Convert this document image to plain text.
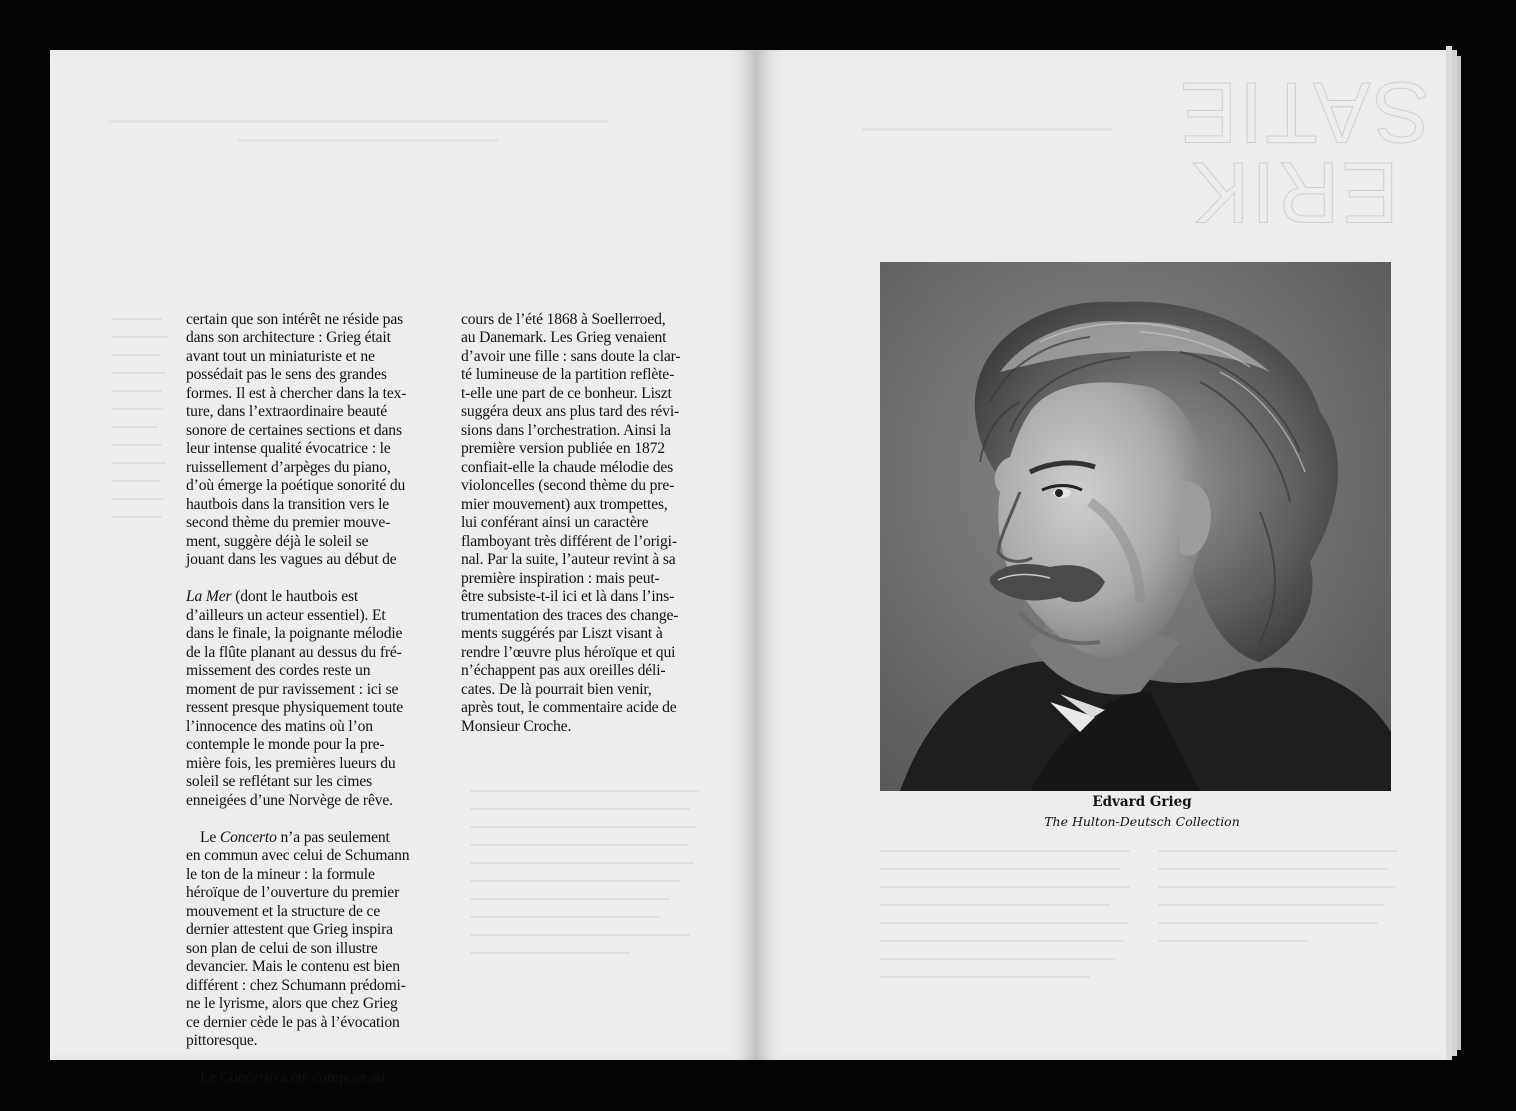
ERIK
SATIE

certain que son intérêt ne réside pas
dans son architecture : Grieg était
avant tout un miniaturiste et ne
possédait pas le sens des grandes
formes. Il est à chercher dans la tex-
ture, dans l’extraordinaire beauté
sonore de certaines sections et dans
leur intense qualité évocatrice : le
ruissellement d’arpèges du piano,
d’où émerge la poétique sonorité du
hautbois dans la transition vers le
second thème du premier mouve-
ment, suggère déjà le soleil se
jouant dans les vagues au début de

La Mer (dont le hautbois est
d’ailleurs un acteur essentiel). Et
dans le finale, la poignante mélodie
de la flûte planant au dessus du fré-
missement des cordes reste un
moment de pur ravissement : ici se
ressent presque physiquement toute
l’innocence des matins où l’on
contemple le monde pour la pre-
mière fois, les premières lueurs du
soleil se reflétant sur les cimes
enneigées d’une Norvège de rêve.

Le Concerto n’a pas seulement
en commun avec celui de Schumann
le ton de la mineur : la formule
héroïque de l’ouverture du premier
mouvement et la structure de ce
dernier attestent que Grieg inspira
son plan de celui de son illustre
devancier. Mais le contenu est bien
différent : chez Schumann prédomi-
ne le lyrisme, alors que chez Grieg
ce dernier cède le pas à l’évocation
pittoresque.

Le Concerto a été composé au

cours de l’été 1868 à Soellerroed,
au Danemark. Les Grieg venaient
d’avoir une fille : sans doute la clar-
té lumineuse de la partition reflète-
t-elle une part de ce bonheur. Liszt
suggéra deux ans plus tard des révi-
sions dans l’orchestration. Ainsi la
première version publiée en 1872
confiait-elle la chaude mélodie des
violoncelles (second thème du pre-
mier mouvement) aux trompettes,
lui conférant ainsi un caractère
flamboyant très différent de l’origi-
nal. Par la suite, l’auteur revint à sa
première inspiration : mais peut-
être subsiste-t-il ici et là dans l’ins-
trumentation des traces des change-
ments suggérés par Liszt visant à
rendre l’œuvre plus héroïque et qui
n’échappent pas aux oreilles déli-
cates. De là pourrait bien venir,
après tout, le commentaire acide de
Monsieur Croche.

Edvard Grieg
The Hulton-Deutsch Collection
